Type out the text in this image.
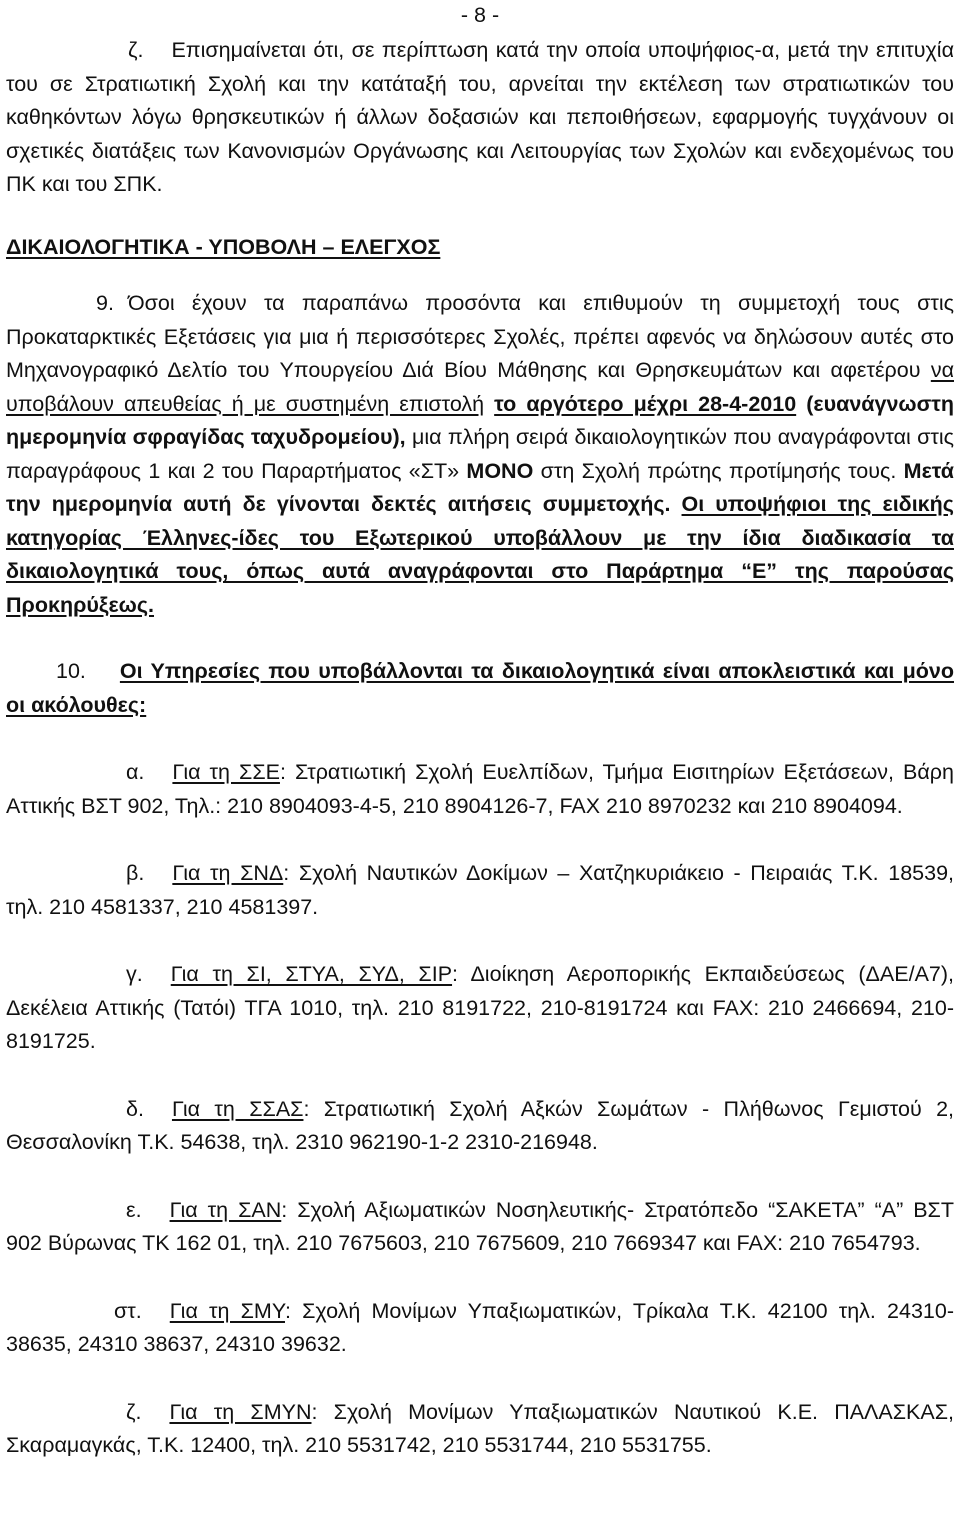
- 8 -

ζ. Επισημαίνεται ότι, σε περίπτωση κατά την οποία υποψήφιος-α, μετά την επιτυχία του σε Στρατιωτική Σχολή και την κατάταξή του, αρνείται την εκτέλεση των στρατιωτικών του καθηκόντων λόγω θρησκευτικών ή άλλων δοξασιών και πεποιθήσεων, εφαρμογής τυγχάνουν οι σχετικές διατάξεις των Κανονισμών Οργάνωσης και Λειτουργίας των Σχολών και ενδεχομένως του ΠΚ και του ΣΠΚ.

ΔΙΚΑΙΟΛΟΓΗΤΙΚΑ - ΥΠΟΒΟΛΗ – ΕΛΕΓΧΟΣ

9. Όσοι έχουν τα παραπάνω προσόντα και επιθυμούν τη συμμετοχή τους στις Προκαταρκτικές Εξετάσεις για μια ή περισσότερες Σχολές, πρέπει αφενός να δηλώσουν αυτές στο Μηχανογραφικό Δελτίο του Υπουργείου Διά Βίου Μάθησης και Θρησκευμάτων και αφετέρου να υποβάλουν απευθείας ή με συστημένη επιστολή το αργότερο μέχρι 28-4-2010 (ευανάγνωστη ημερομηνία σφραγίδας ταχυδρομείου), μια πλήρη σειρά δικαιολογητικών που αναγράφονται στις παραγράφους 1 και 2 του Παραρτήματος «ΣΤ» ΜΟΝΟ στη Σχολή πρώτης προτίμησής τους. Μετά την ημερομηνία αυτή δε γίνονται δεκτές αιτήσεις συμμετοχής. Οι υποψήφιοι της ειδικής κατηγορίας Έλληνες-ίδες του Εξωτερικού υποβάλλουν με την ίδια διαδικασία τα δικαιολογητικά τους, όπως αυτά αναγράφονται στο Παράρτημα “Ε” της παρούσας Προκηρύξεως.

10. Οι Υπηρεσίες που υποβάλλονται τα δικαιολογητικά είναι αποκλειστικά και μόνο οι ακόλουθες:

α. Για τη ΣΣΕ: Στρατιωτική Σχολή Ευελπίδων, Τμήμα Εισιτηρίων Εξετάσεων, Βάρη Αττικής ΒΣΤ 902, Τηλ.: 210 8904093-4-5, 210 8904126-7, FAX 210 8970232 και 210 8904094.

β. Για τη ΣΝΔ: Σχολή Ναυτικών Δοκίμων – Χατζηκυριάκειο - Πειραιάς Τ.Κ. 18539, τηλ. 210 4581337, 210 4581397.

γ. Για τη ΣΙ, ΣΤΥΑ, ΣΥΔ, ΣΙΡ: Διοίκηση Αεροπορικής Εκπαιδεύσεως (ΔΑΕ/Α7), Δεκέλεια Αττικής (Τατόι) ΤΓΑ 1010, τηλ. 210 8191722, 210-8191724 και FAX: 210 2466694, 210-8191725.

δ. Για τη ΣΣΑΣ: Στρατιωτική Σχολή Αξκών Σωμάτων - Πλήθωνος Γεμιστού 2, Θεσσαλονίκη Τ.Κ. 54638, τηλ. 2310 962190-1-2 2310-216948.

ε. Για τη ΣΑΝ: Σχολή Αξιωματικών Νοσηλευτικής- Στρατόπεδο “ΣΑΚΕΤΑ” “Α” ΒΣΤ 902 Βύρωνας ΤΚ 162 01, τηλ. 210 7675603, 210 7675609, 210 7669347 και FAX: 210 7654793.

στ. Για τη ΣΜΥ: Σχολή Μονίμων Υπαξιωματικών, Τρίκαλα Τ.Κ. 42100 τηλ. 24310-38635, 24310 38637, 24310 39632.

ζ. Για τη ΣΜΥΝ: Σχολή Μονίμων Υπαξιωματικών Ναυτικού Κ.Ε. ΠΑΛΑΣΚΑΣ, Σκαραμαγκάς, Τ.Κ. 12400, τηλ. 210 5531742, 210 5531744, 210 5531755.
